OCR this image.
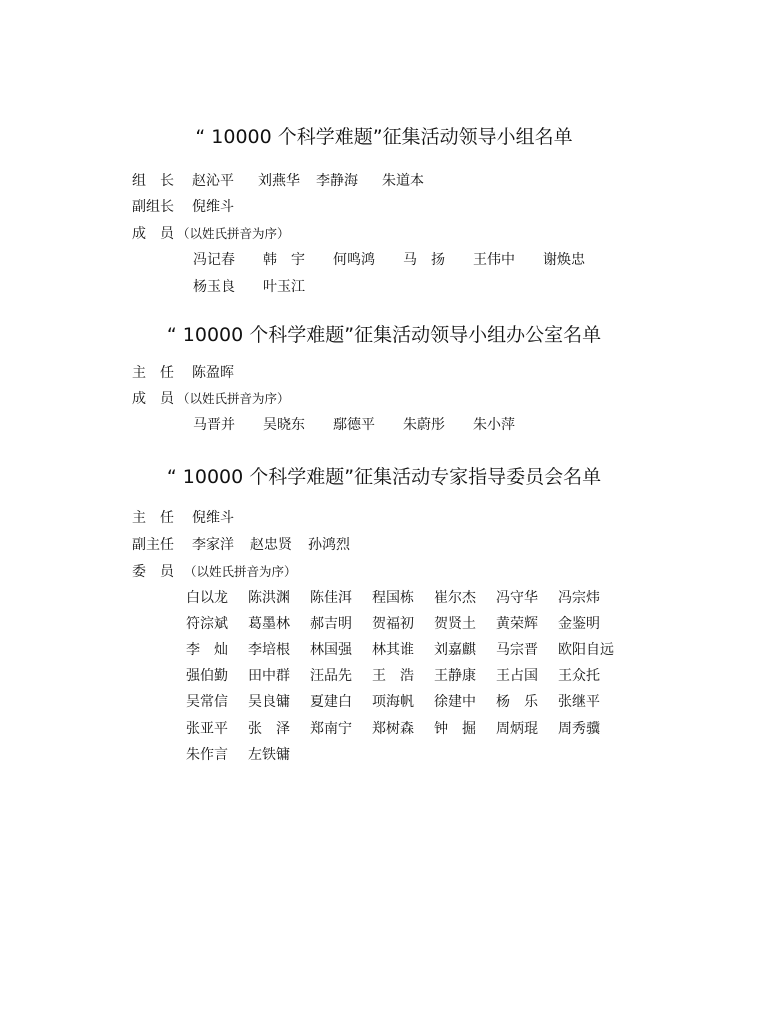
“ 10000 个科学难题”征集活动领导小组名单
组　长 赵沁平 刘燕华 李静海 朱道本
副组长 倪维斗
成　员 （以姓氏拼音为序）
冯记春 韩　宇 何鸣鸿 马　扬 王伟中 谢焕忠
杨玉良 叶玉江
“ 10000 个科学难题”征集活动领导小组办公室名单
主　任 陈盈晖
成　员 （以姓氏拼音为序）
马晋并 吴晓东 鄢德平 朱蔚彤 朱小萍
“ 10000 个科学难题”征集活动专家指导委员会名单
主　任 倪维斗
副主任 李家洋 赵忠贤 孙鸿烈
委　员 （以姓氏拼音为序）
白以龙 陈洪渊 陈佳洱 程国栋 崔尔杰 冯守华 冯宗炜
符淙斌 葛墨林 郝吉明 贺福初 贺贤土 黄荣辉 金鉴明
李　灿 李培根 林国强 林其谁 刘嘉麒 马宗晋 欧阳自远
强伯勤 田中群 汪品先 王　浩 王静康 王占国 王众托
吴常信 吴良镛 夏建白 项海帆 徐建中 杨　乐 张继平
张亚平 张　泽 郑南宁 郑树森 钟　掘 周炳琨 周秀骥
朱作言 左铁镛
